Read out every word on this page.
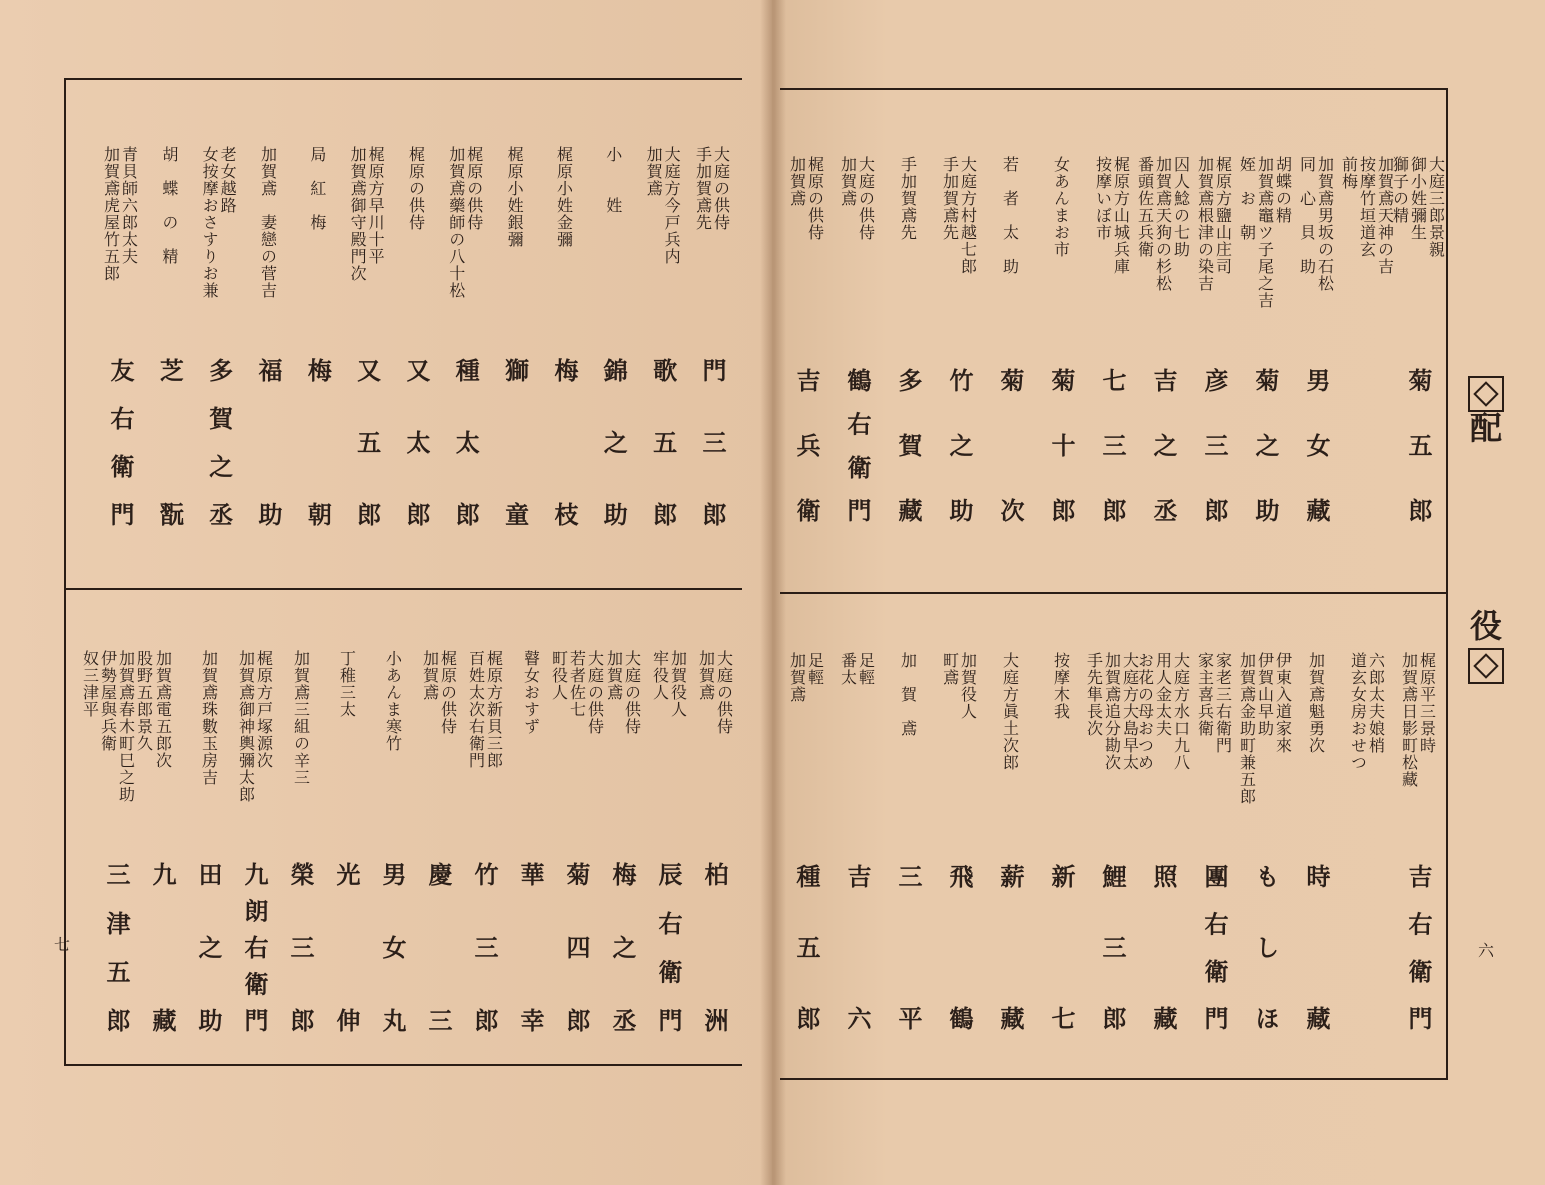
配
役
七	六
大庭三郎景親
御小姓彌生
獅子の精
菊五郎
加賀鳶天神の吉
按摩竹垣道玄
前梅
加賀鳶男坂の石松
同　心　貝　助
男女藏
胡蝶の精
加賀鳶竈ツ子尾之吉
姪　お　朝
菊之助
梶原方鹽山庄司
加賀鳶根津の染吉
彦三郎
囚人鯰の七助
加賀鳶天狗の杉松
番頭佐五兵衛
吉之丞
梶原方山城兵庫
按摩いぼ市
七三郎
女あんまお市
菊十郎
若　者　太　助
菊　次
大庭方村越七郎
手加賀鳶先
竹之助
手加賀鳶先
多賀藏
大庭の供侍
加賀鳶
鶴右衛門
梶原の供侍
加賀鳶
吉兵衛
大庭の供侍
手加賀鳶先
門三郎
大庭方今戸兵内
加賀鳶
歌五郎
小　　姓
錦之助
梶原小姓金彌
梅　枝
梶原小姓銀彌
獅　童
梶原の供侍
加賀鳶藥師の八十松
種太郎
梶原の供侍
又太郎
梶原方早川十平
加賀鳶御守殿門次
又五郎
局　紅　梅
梅　朝
加賀鳶　妻戀の菅吉
福　助
老女越路
女按摩おさすりお兼
多賀之丞
胡　蝶　の　精
芝　翫
青貝師六郎太夫
加賀鳶虎屋竹五郎
友右衛門
梶原平三景時
加賀鳶日影町松藏
吉右衛門
六郎太夫娘梢
道玄女房おせつ
加賀鳶魁勇次
時　藏
伊東入道家來
伊賀山早助
加賀鳶金助町兼五郎
もしほ
家老三右衛門
家主喜兵衛
團右衛門
大庭方水口九八
用人金太夫
お花の母おつめ
照　藏
大庭方大島早太
加賀鳶追分勘次
手先隼長次
鯉三郎
按摩木我
新　七
大庭方眞土次郎
薪　藏
加賀役人
町鳶
飛　鶴
加　賀　鳶
三　平
足輕
番太
吉　六
足輕
加賀鳶
種五郎
大庭の供侍
加賀鳶
柏　洲
加賀役人
牢役人
辰右衛門
大庭の供侍
加賀鳶
梅之丞
大庭の供侍
若者佐七
町役人
菊四郎
瞽女おすず
華　幸
梶原方新貝三郎
百姓太次右衛門
竹三郎
梶原の供侍
加賀鳶
慶　三
小あんま寒竹
男女丸
丁稚三太
光　伸
加賀鳶三組の辛三
榮三郎
梶原方戸塚源次
加賀鳶御神輿彌太郎
九朗右衛門
加賀鳶珠數玉房吉
田之助
加賀鳶電五郎次
九　藏
股野五郎景久
加賀鳶春木町巳之助
伊勢屋與兵衛
奴三津平
三津五郎
